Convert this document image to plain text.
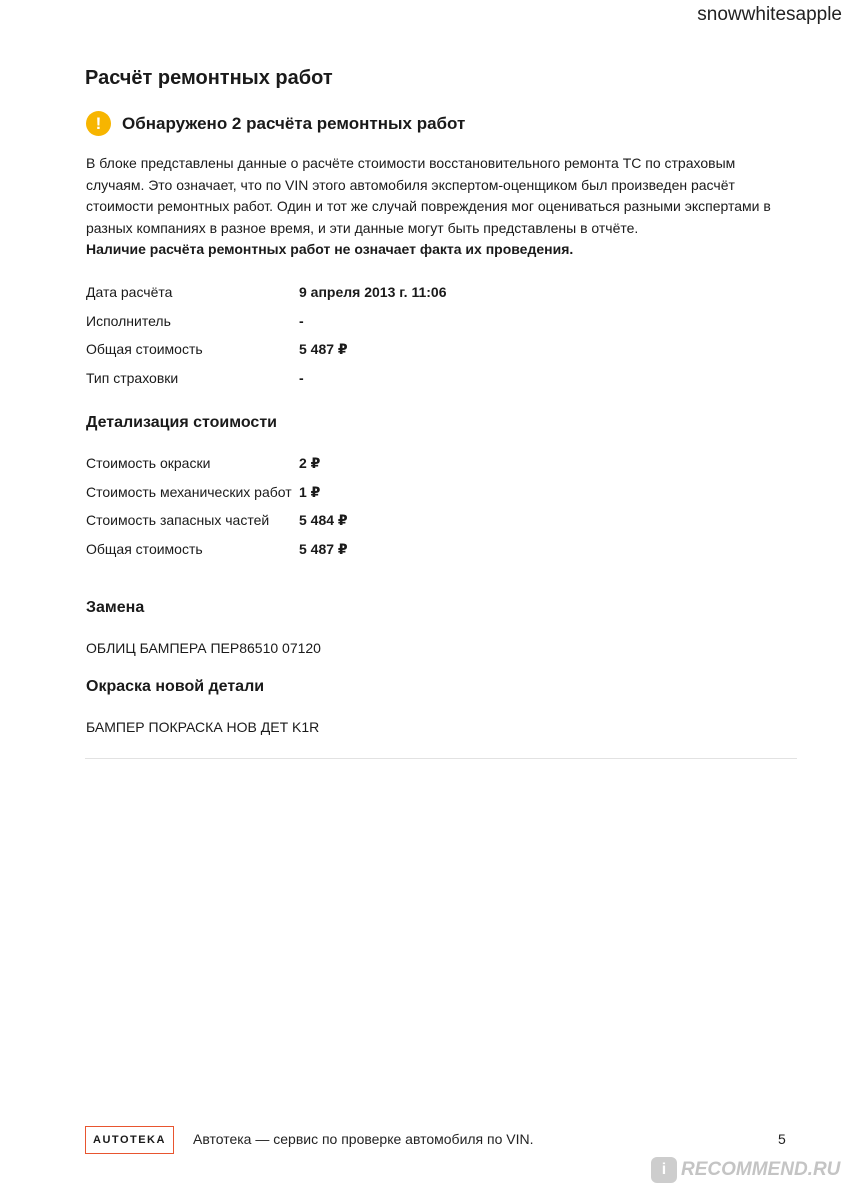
snowwhitesapple
Расчёт ремонтных работ
!	Обнаружено 2 расчёта ремонтных работ
В блоке представлены данные о расчёте стоимости восстановительного ремонта ТС по страховым
случаям. Это означает, что по VIN этого автомобиля экспертом-оценщиком был произведен расчёт
стоимости ремонтных работ. Один и тот же случай повреждения мог оцениваться разными экспертами в
разных компаниях в разное время, и эти данные могут быть представлены в отчёте.
Наличие расчёта ремонтных работ не означает факта их проведения.
Дата расчёта	9 апреля 2013 г. 11:06
Исполнитель	-
Общая стоимость	5 487 ₽
Тип страховки	-
Детализация стоимости
Стоимость окраски	2 ₽
Стоимость механических работ 1 ₽
Стоимость запасных частей 5 484 ₽
Общая стоимость	5 487 ₽
Замена
ОБЛИЦ БАМПЕРА ПЕР86510 07120
Окраска новой детали
БАМПЕР ПОКРАСКА НОВ ДЕТ K1R
AUTOTEKA	Автотека — сервис по проверке автомобиля по VIN.	5
i RECOMMEND.RU
